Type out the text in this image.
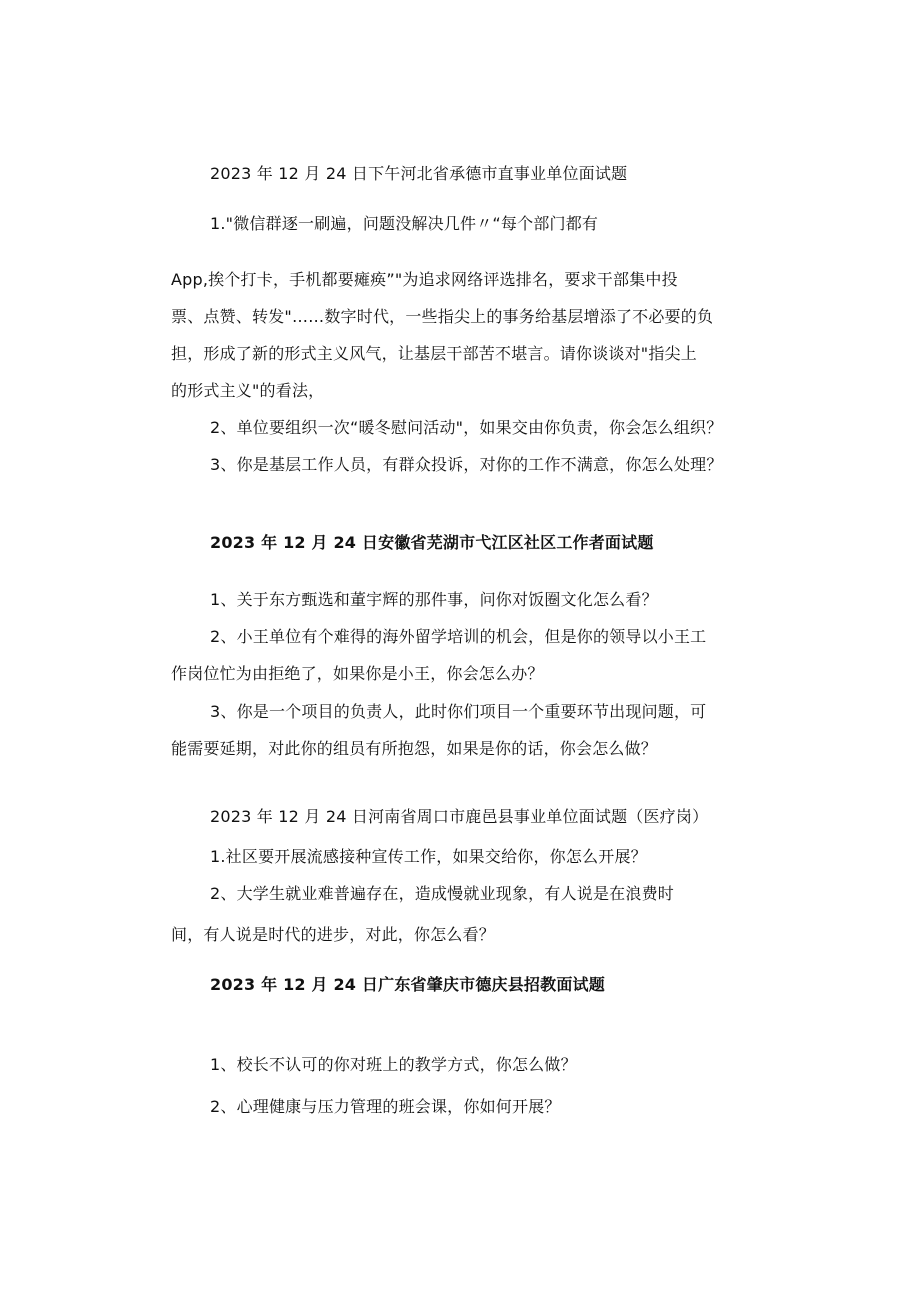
2023 年 12 月 24 日下午河北省承德市直事业单位面试题
1."微信群逐一刷遍，问题没解决几件〃“每个部门都有
App,挨个打卡，手机都要瘫痪”"为追求网络评选排名，要求干部集中投
票、点赞、转发"……数字时代，一些指尖上的事务给基层增添了不必要的负
担，形成了新的形式主义风气，让基层干部苦不堪言。请你谈谈对"指尖上
的形式主义"的看法，
2、单位要组织一次“暖冬慰问活动"，如果交由你负责，你会怎么组织？
3、你是基层工作人员，有群众投诉，对你的工作不满意，你怎么处理？
2023 年 12 月 24 日安徽省芜湖市弋江区社区工作者面试题
1、关于东方甄选和董宇辉的那件事，问你对饭圈文化怎么看？
2、小王单位有个难得的海外留学培训的机会，但是你的领导以小王工
作岗位忙为由拒绝了，如果你是小王，你会怎么办？
3、你是一个项目的负责人，此时你们项目一个重要环节出现问题，可
能需要延期，对此你的组员有所抱怨，如果是你的话，你会怎么做？
2023 年 12 月 24 日河南省周口市鹿邑县事业单位面试题（医疗岗）
1.社区要开展流感接种宣传工作，如果交给你，你怎么开展？
2、大学生就业难普遍存在，造成慢就业现象，有人说是在浪费时
间，有人说是时代的进步，对此，你怎么看？
2023 年 12 月 24 日广东省肇庆市德庆县招教面试题
1、校长不认可的你对班上的教学方式，你怎么做？
2、心理健康与压力管理的班会课，你如何开展？
